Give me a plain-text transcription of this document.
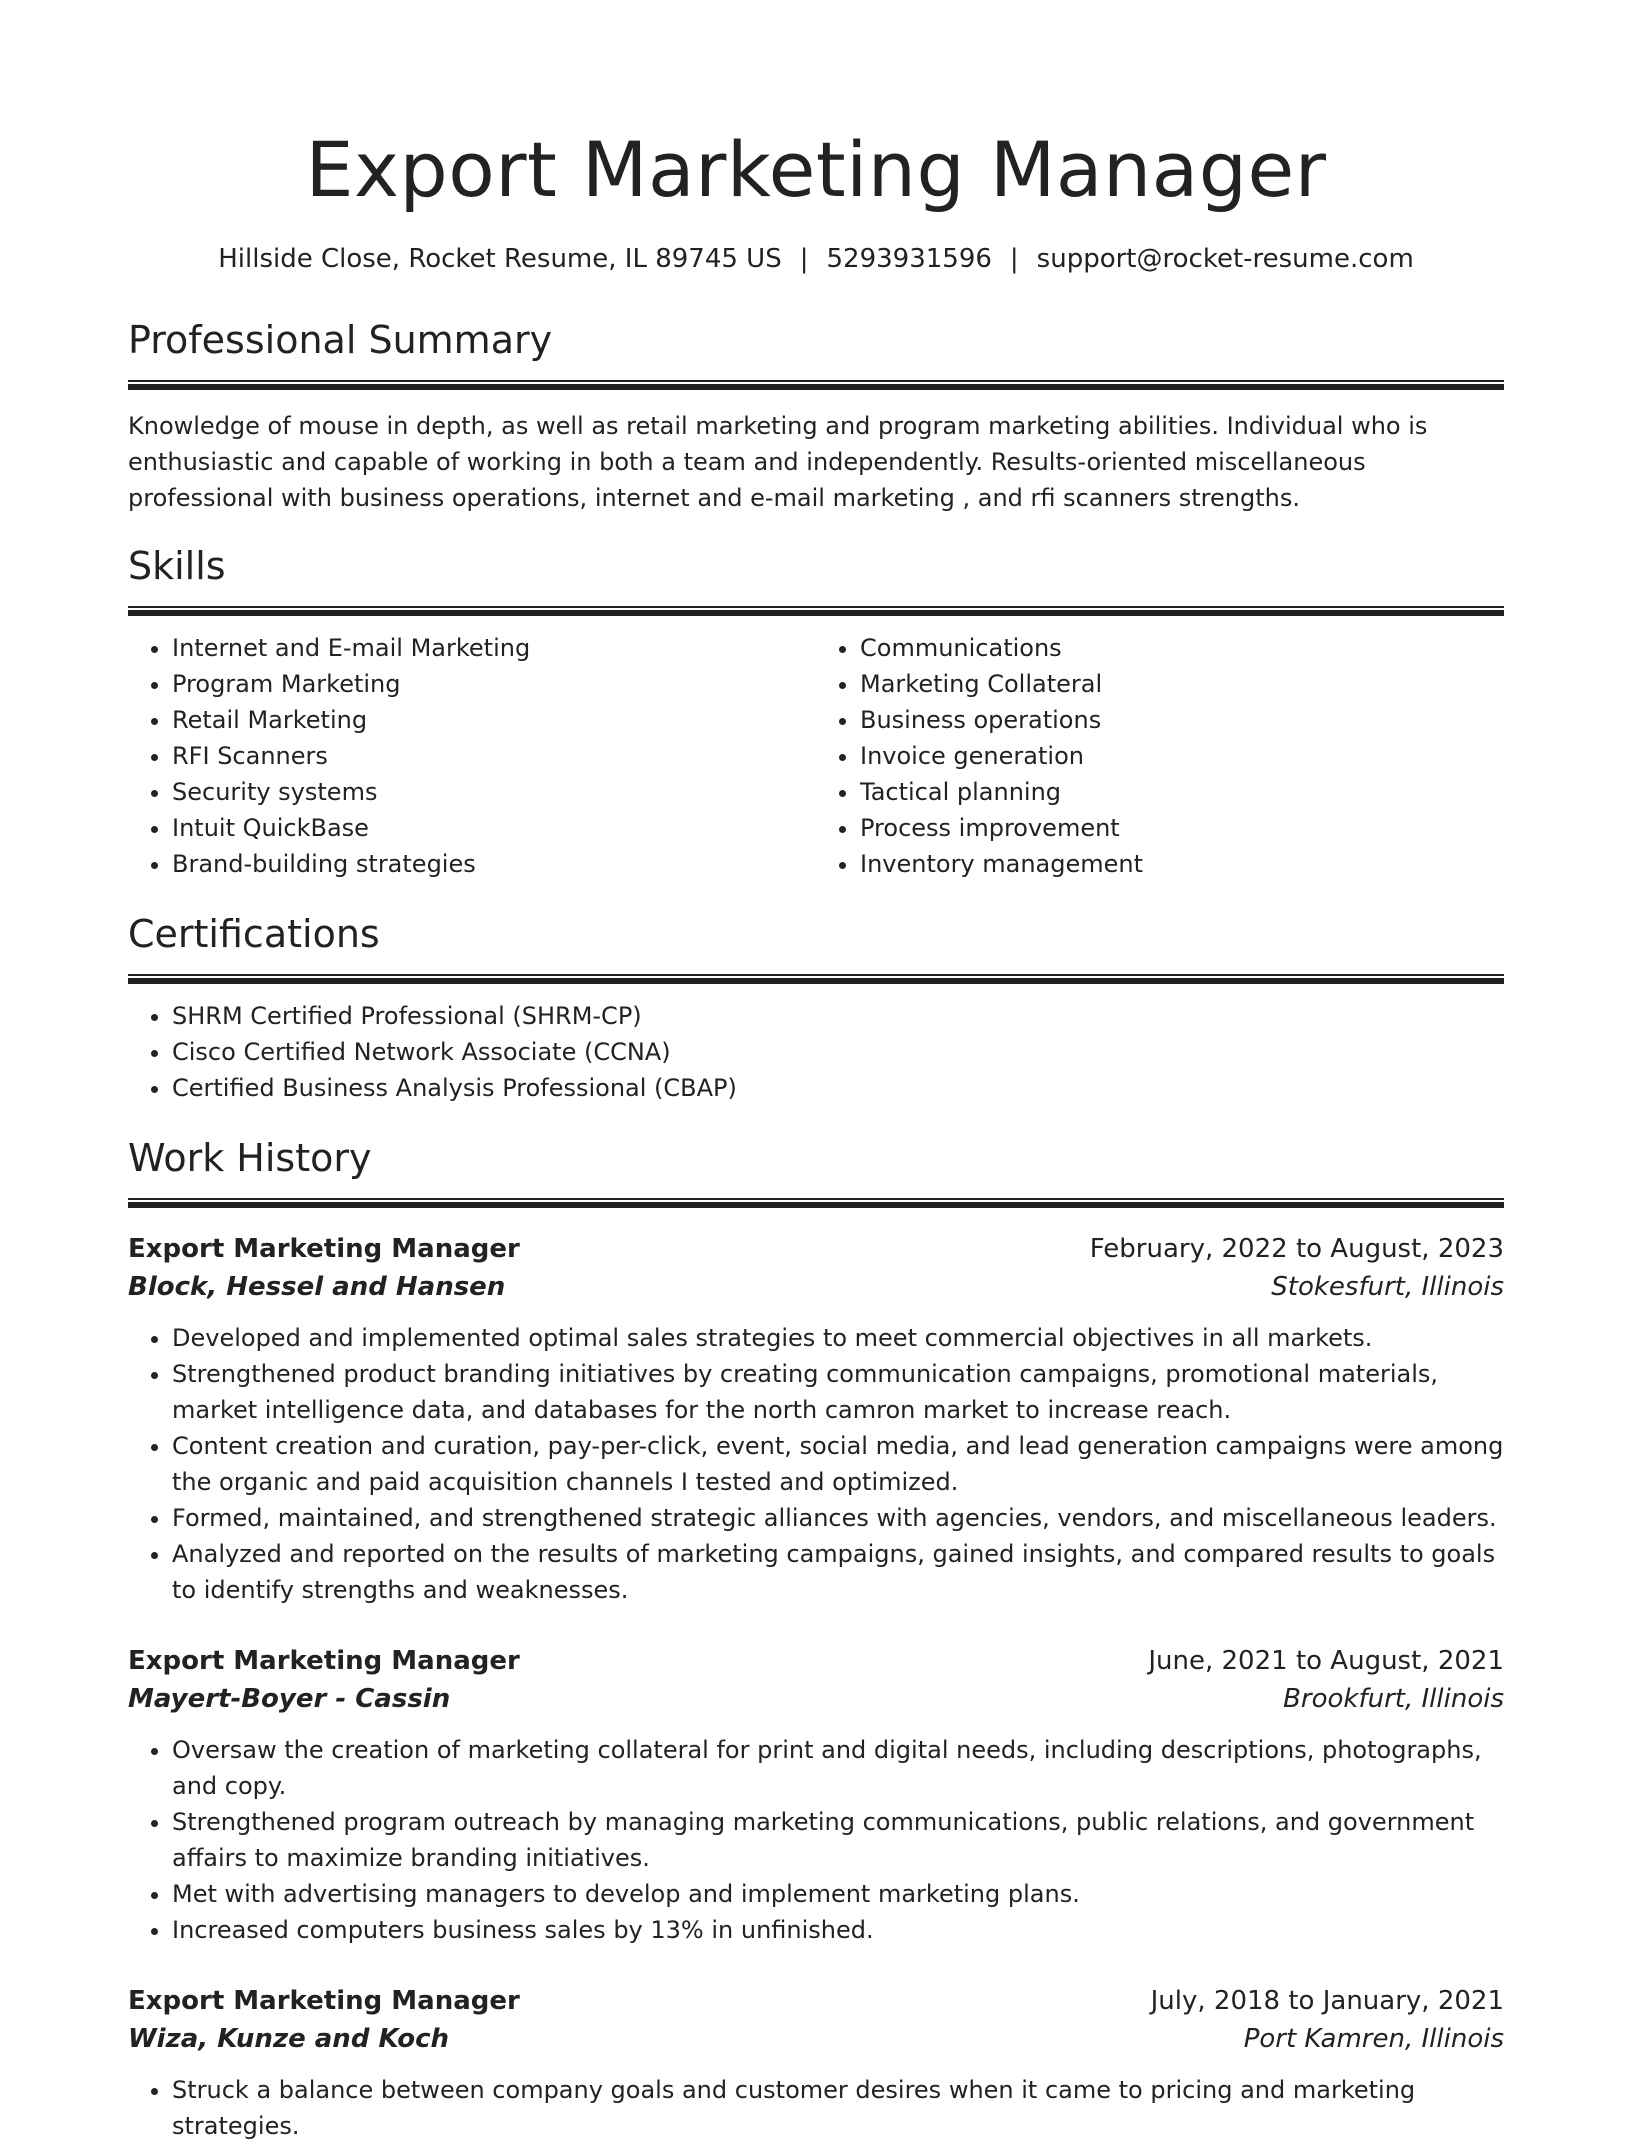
Export Marketing Manager
Hillside Close, Rocket Resume, IL 89745 US | 5293931596 | support@rocket-resume.com
Professional Summary
Knowledge of mouse in depth, as well as retail marketing and program marketing abilities. Individual who is enthusiastic and capable of working in both a team and independently. Results-oriented miscellaneous professional with business operations, internet and e-mail marketing , and rfi scanners strengths.
Skills
• Internet and E-mail Marketing
• Program Marketing
• Retail Marketing
• RFI Scanners
• Security systems
• Intuit QuickBase
• Brand-building strategies
• Communications
• Marketing Collateral
• Business operations
• Invoice generation
• Tactical planning
• Process improvement
• Inventory management
Certifications
• SHRM Certified Professional (SHRM-CP)
• Cisco Certified Network Associate (CCNA)
• Certified Business Analysis Professional (CBAP)
Work History
Export Marketing Manager	February, 2022 to August, 2023
Block, Hessel and Hansen	Stokesfurt, Illinois
• Developed and implemented optimal sales strategies to meet commercial objectives in all markets.
• Strengthened product branding initiatives by creating communication campaigns, promotional materials, market intelligence data, and databases for the north camron market to increase reach.
• Content creation and curation, pay-per-click, event, social media, and lead generation campaigns were among the organic and paid acquisition channels I tested and optimized.
• Formed, maintained, and strengthened strategic alliances with agencies, vendors, and miscellaneous leaders.
• Analyzed and reported on the results of marketing campaigns, gained insights, and compared results to goals to identify strengths and weaknesses.
Export Marketing Manager	June, 2021 to August, 2021
Mayert-Boyer - Cassin	Brookfurt, Illinois
• Oversaw the creation of marketing collateral for print and digital needs, including descriptions, photographs, and copy.
• Strengthened program outreach by managing marketing communications, public relations, and government affairs to maximize branding initiatives.
• Met with advertising managers to develop and implement marketing plans.
• Increased computers business sales by 13% in unfinished.
Export Marketing Manager	July, 2018 to January, 2021
Wiza, Kunze and Koch	Port Kamren, Illinois
• Struck a balance between company goals and customer desires when it came to pricing and marketing strategies.
